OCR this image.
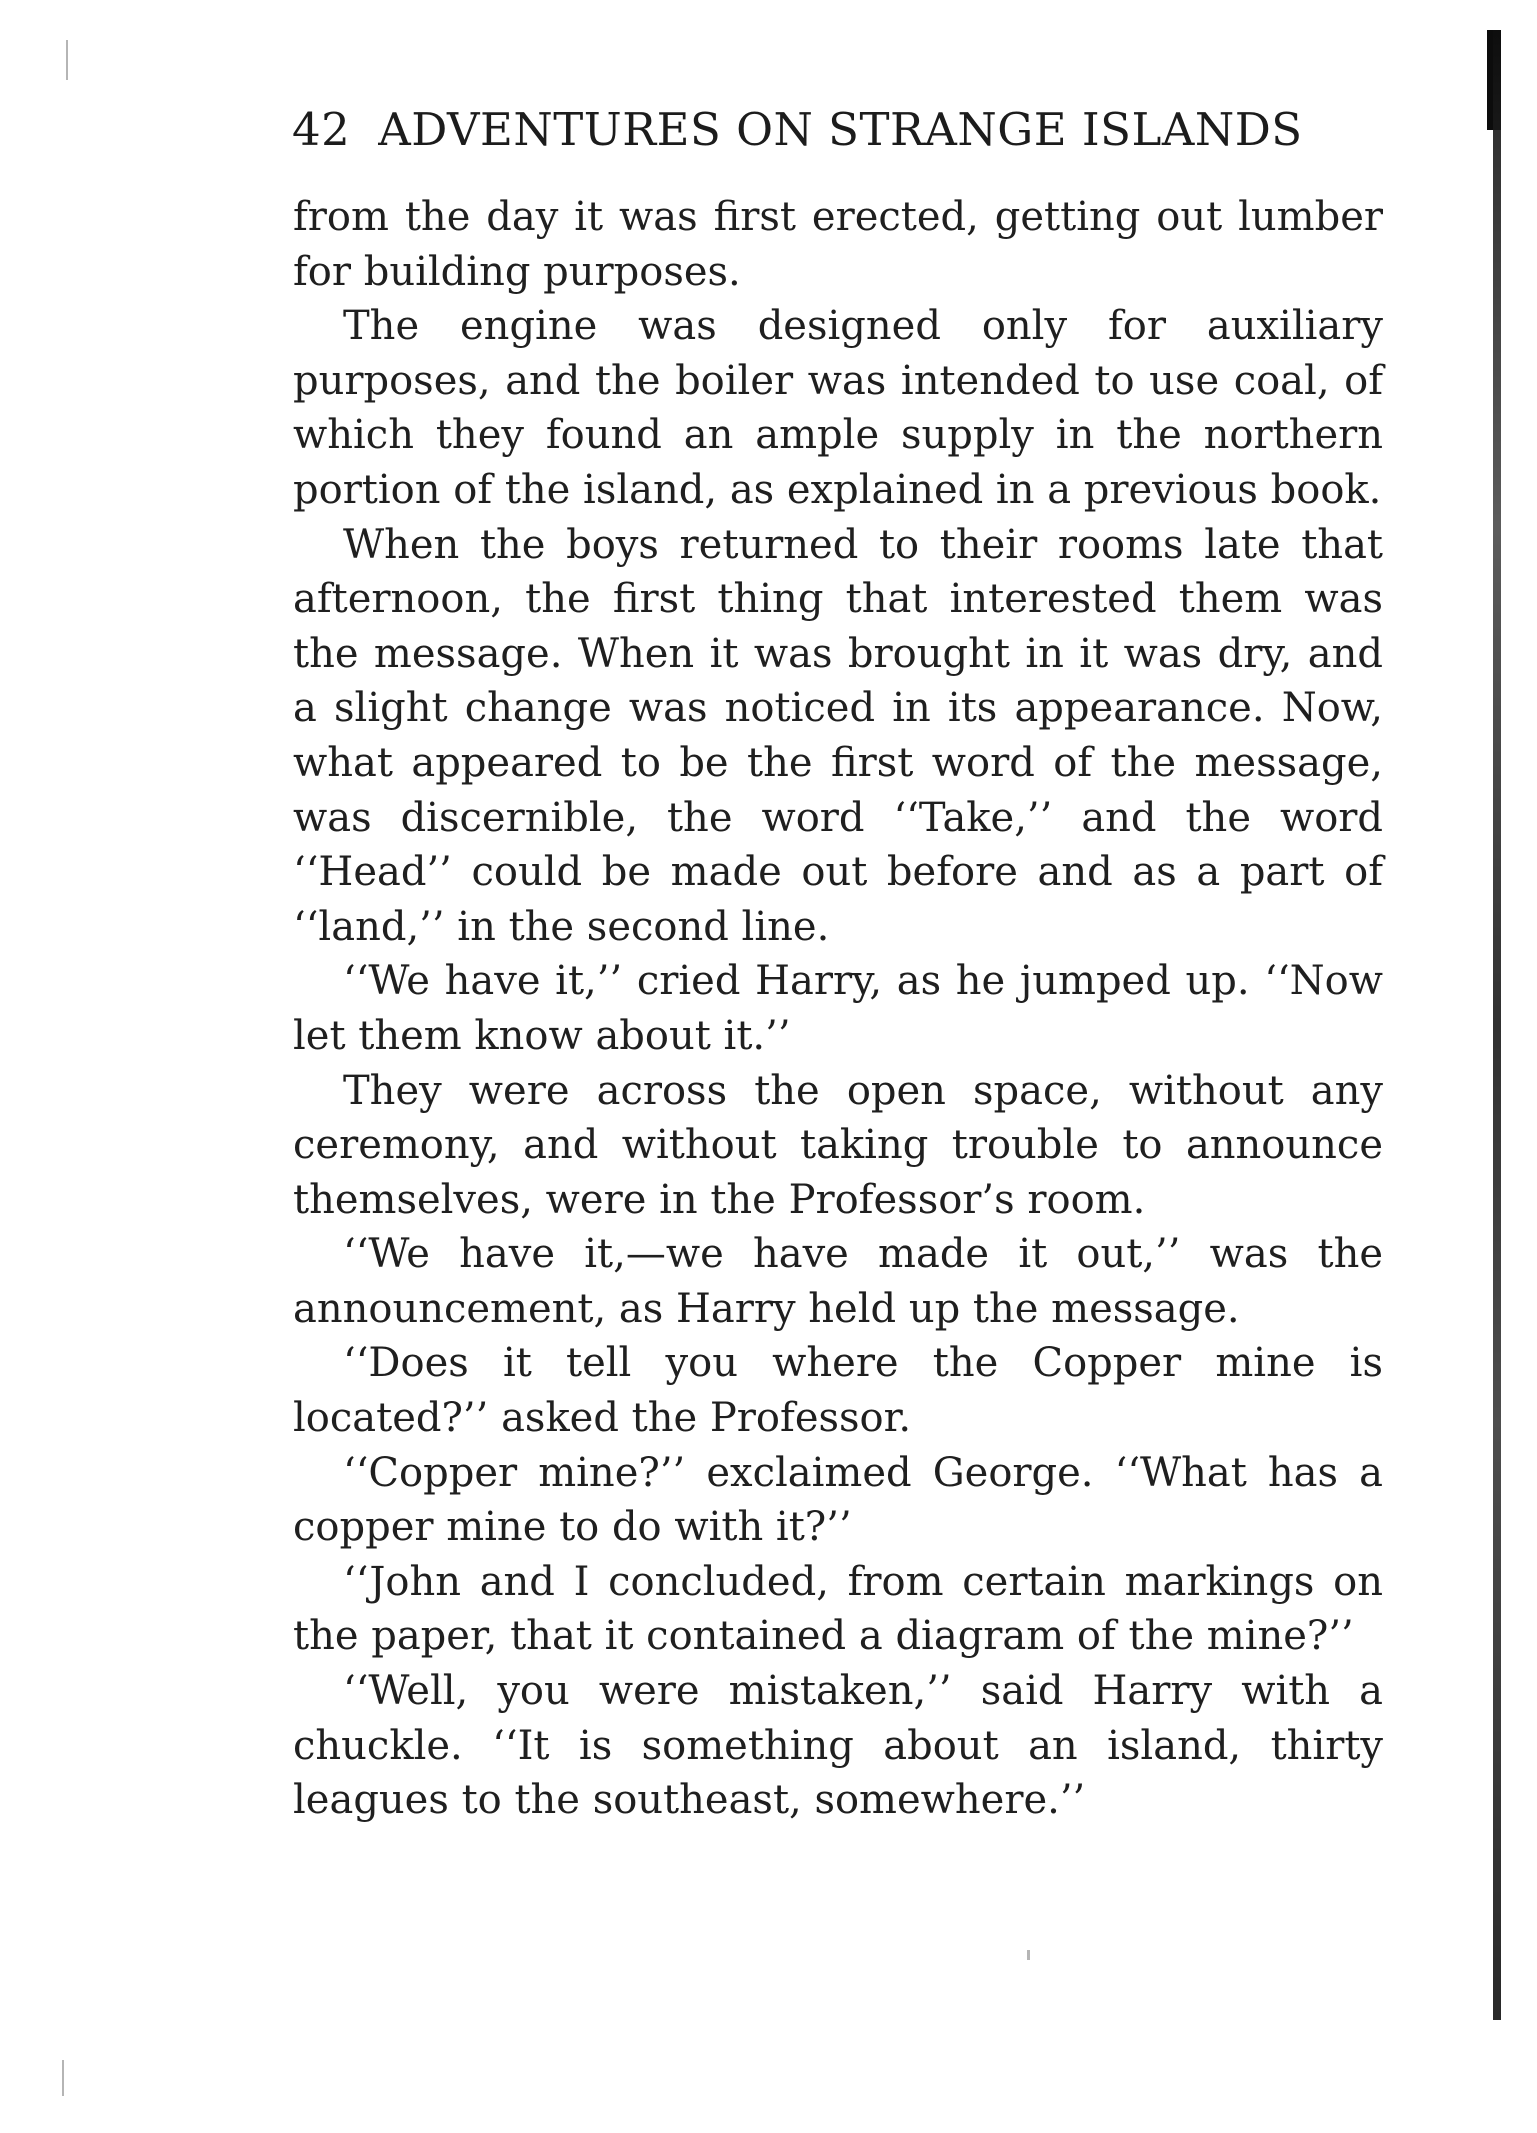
42 ADVENTURES ON STRANGE ISLANDS

from the day it was first erected, getting out lumber for building purposes.

The engine was designed only for auxiliary purposes, and the boiler was intended to use coal, of which they found an ample supply in the northern portion of the island, as explained in a previous book.

When the boys returned to their rooms late that afternoon, the first thing that interested them was the message. When it was brought in it was dry, and a slight change was noticed in its appearance. Now, what appeared to be the first word of the message, was discernible, the word ‘‘Take,’’ and the word ‘‘Head’’ could be made out before and as a part of ‘‘land,’’ in the second line.

‘‘We have it,’’ cried Harry, as he jumped up. ‘‘Now let them know about it.’’

They were across the open space, without any ceremony, and without taking trouble to announce themselves, were in the Professor’s room.

‘‘We have it,—we have made it out,’’ was the announcement, as Harry held up the message.

‘‘Does it tell you where the Copper mine is located?’’ asked the Professor.

‘‘Copper mine?’’ exclaimed George. ‘‘What has a copper mine to do with it?’’

‘‘John and I concluded, from certain markings on the paper, that it contained a diagram of the mine?’’

‘‘Well, you were mistaken,’’ said Harry with a chuckle. ‘‘It is something about an island, thirty leagues to the southeast, somewhere.’’
